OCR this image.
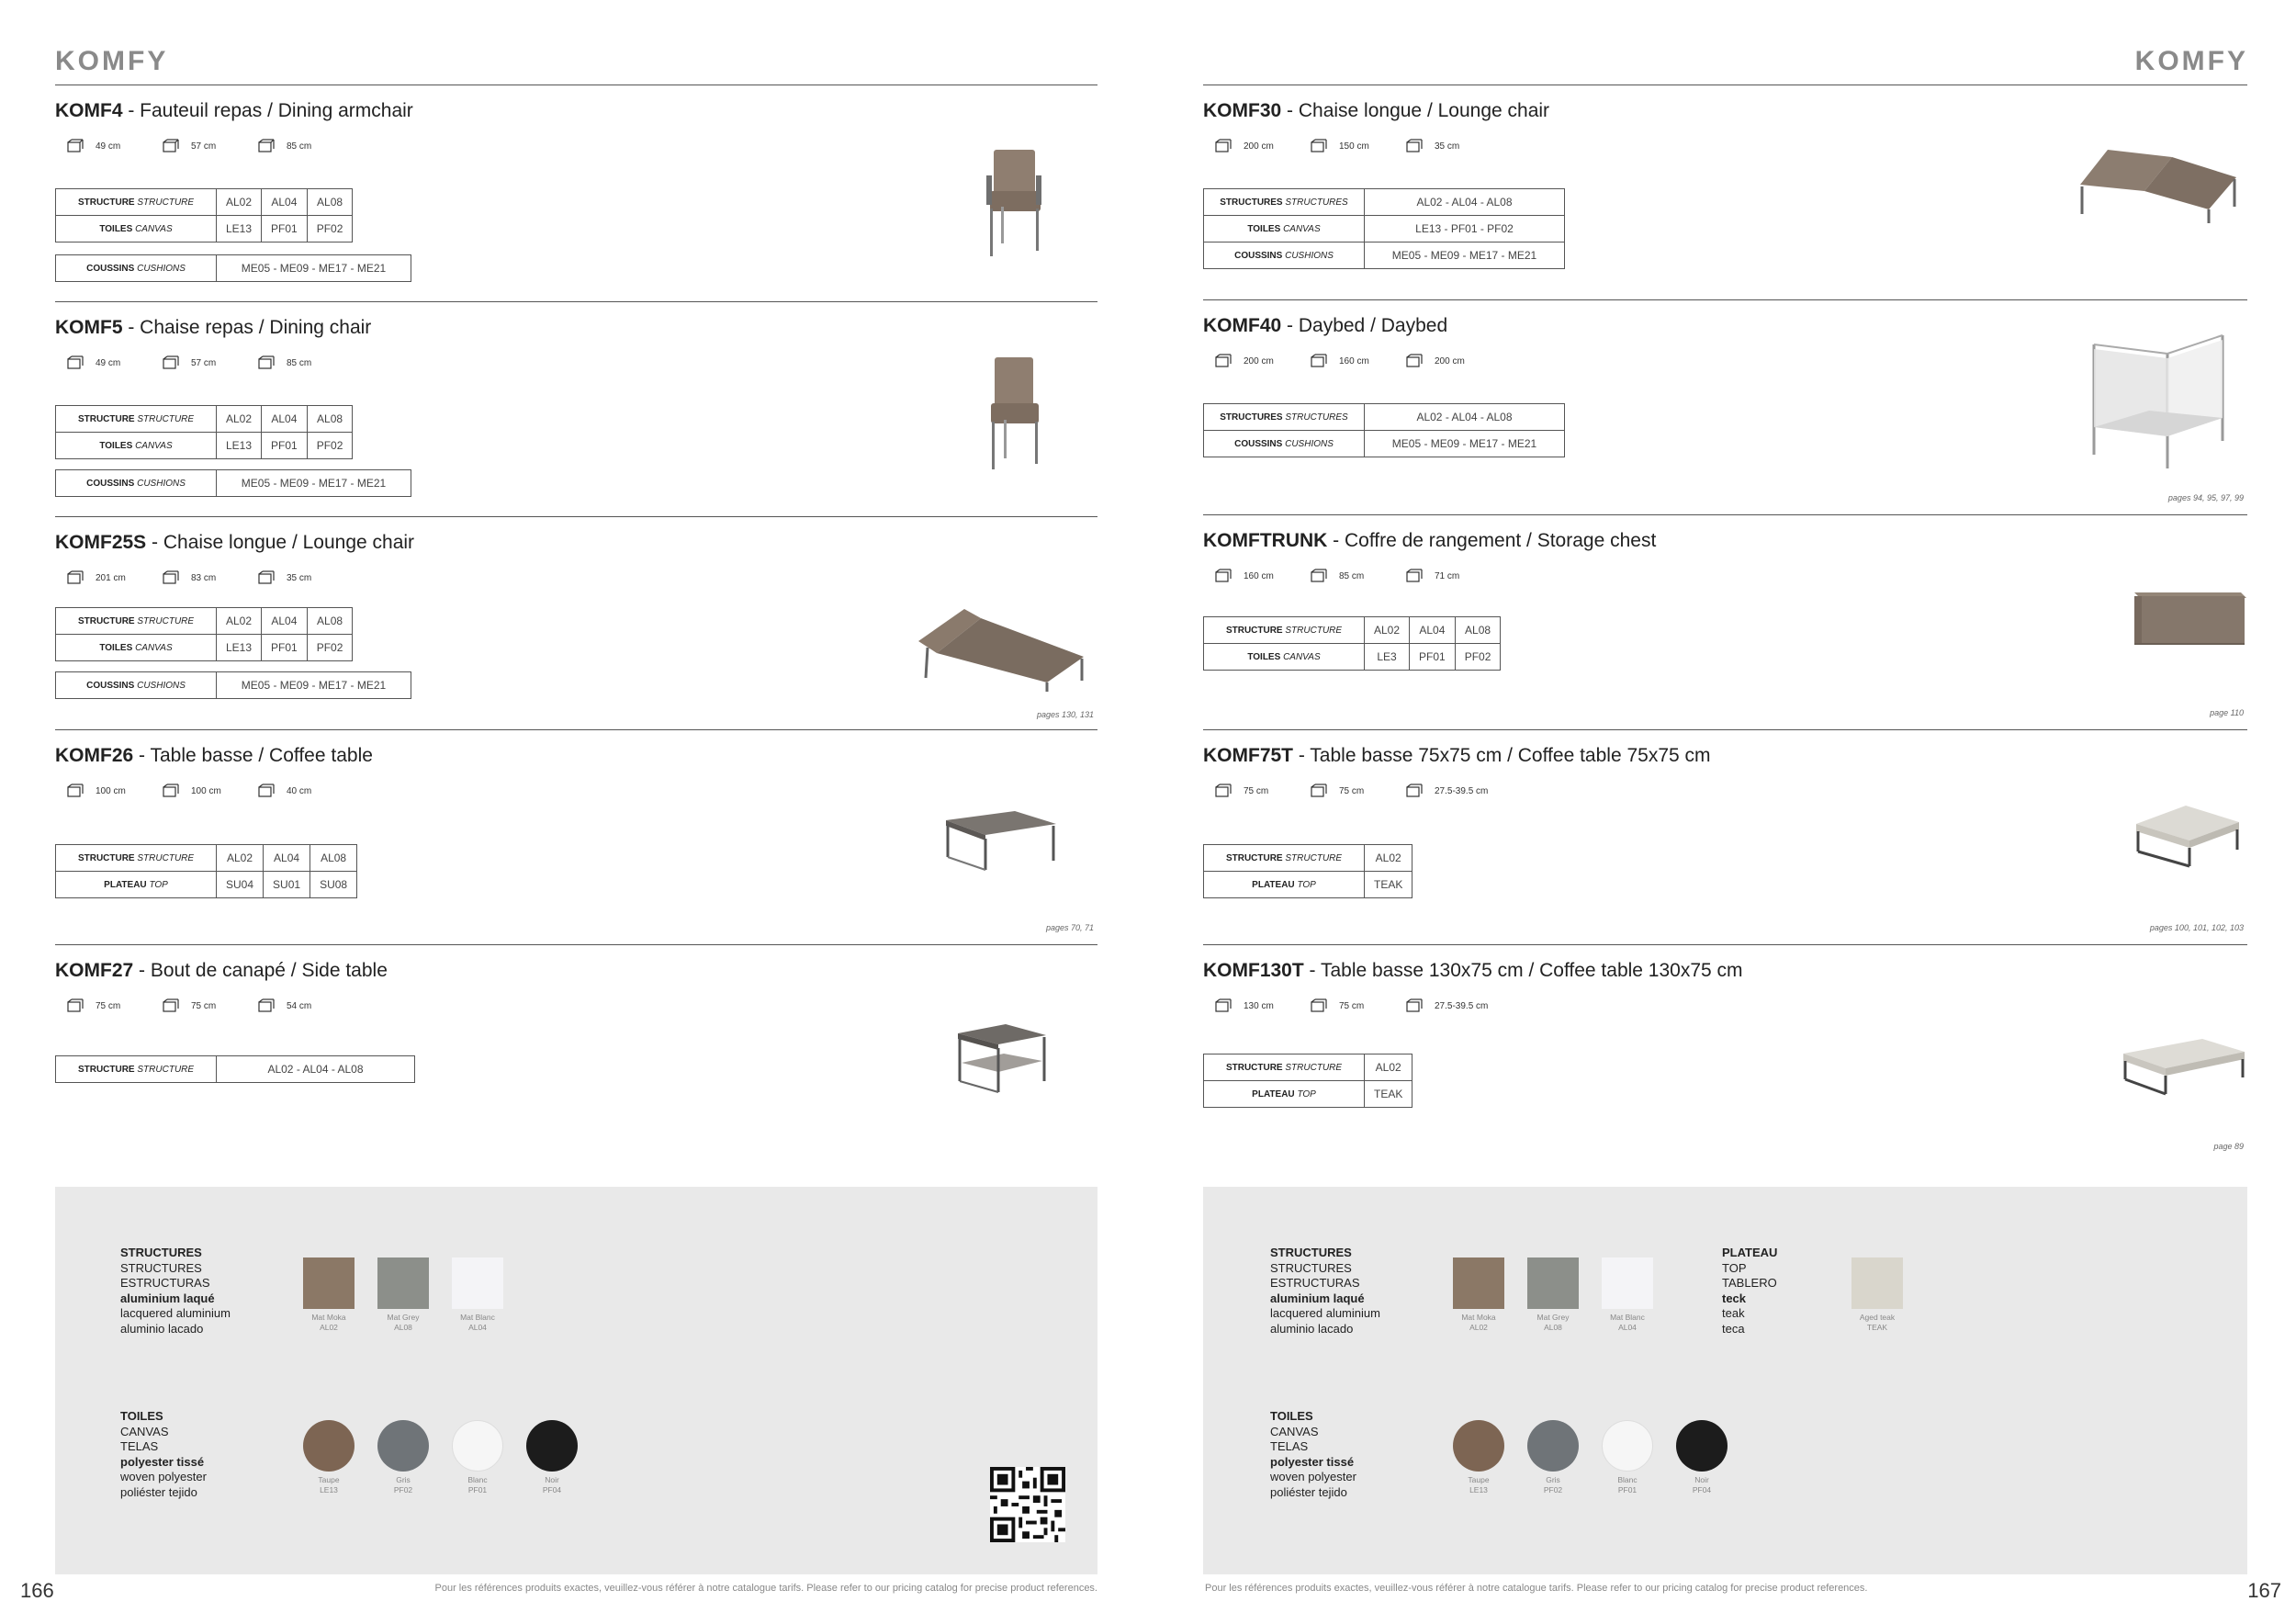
KOMFY
KOMF4 - Fauteuil repas / Dining armchair
49 cm	57 cm	85 cm
STRUCTURE STRUCTURE	AL02	AL04	AL08
TOILES CANVAS	LE13	PF01	PF02
COUSSINS CUSHIONS	ME05 - ME09 - ME17 - ME21
KOMF5 - Chaise repas / Dining chair
49 cm	57 cm	85 cm
STRUCTURE STRUCTURE	AL02	AL04	AL08
TOILES CANVAS	LE13	PF01	PF02
COUSSINS CUSHIONS	ME05 - ME09 - ME17 - ME21
KOMF25S - Chaise longue / Lounge chair
201 cm	83 cm	35 cm
STRUCTURE STRUCTURE	AL02	AL04	AL08
TOILES CANVAS	LE13	PF01	PF02
COUSSINS CUSHIONS	ME05 - ME09 - ME17 - ME21
pages 130, 131
KOMF26 - Table basse / Coffee table
100 cm	100 cm	40 cm
STRUCTURE STRUCTURE	AL02	AL04	AL08
PLATEAU TOP	SU04	SU01	SU08
pages 70, 71
KOMF27 - Bout de canapé / Side table
75 cm	75 cm	54 cm
STRUCTURE STRUCTURE	AL02 - AL04 - AL08
STRUCTURES
STRUCTURES
ESTRUCTURAS
aluminium laqué
lacquered aluminium
aluminio lacado
Mat Moka
AL02
Mat Grey
AL08
Mat Blanc
AL04
TOILES
CANVAS
TELAS
polyester tissé
woven polyester
poliéster tejido
Taupe
LE13
Gris
PF02
Blanc
PF01
Noir
PF04
166	Pour les références produits exactes, veuillez-vous référer à notre catalogue tarifs. Please refer to our pricing catalog for precise product references.
KOMFY
KOMF30 - Chaise longue / Lounge chair
200 cm	150 cm	35 cm
STRUCTURES STRUCTURES	AL02 - AL04 - AL08
TOILES CANVAS	LE13 - PF01 - PF02
COUSSINS CUSHIONS	ME05 - ME09 - ME17 - ME21
KOMF40 - Daybed / Daybed
200 cm	160 cm	200 cm
STRUCTURES STRUCTURES	AL02 - AL04 - AL08
COUSSINS CUSHIONS	ME05 - ME09 - ME17 - ME21
pages 94, 95, 97, 99
KOMFTRUNK - Coffre de rangement / Storage chest
160 cm	85 cm	71 cm
STRUCTURE STRUCTURE	AL02	AL04	AL08
TOILES CANVAS	LE3	PF01	PF02
page 110
KOMF75T - Table basse 75x75 cm / Coffee table 75x75 cm
75 cm	75 cm	27.5-39.5 cm
STRUCTURE STRUCTURE	AL02
PLATEAU TOP	TEAK
pages 100, 101, 102, 103
KOMF130T - Table basse 130x75 cm / Coffee table 130x75 cm
130 cm	75 cm	27.5-39.5 cm
STRUCTURE STRUCTURE	AL02
PLATEAU TOP	TEAK
page 89
STRUCTURES
STRUCTURES
ESTRUCTURAS
aluminium laqué
lacquered aluminium
aluminio lacado
Mat Moka
AL02
Mat Grey
AL08
Mat Blanc
AL04
PLATEAU
TOP
TABLERO
teck
teak
teca
Aged teak
TEAK
TOILES
CANVAS
TELAS
polyester tissé
woven polyester
poliéster tejido
Taupe
LE13
Gris
PF02
Blanc
PF01
Noir
PF04
Pour les références produits exactes, veuillez-vous référer à notre catalogue tarifs. Please refer to our pricing catalog for precise product references.	167
